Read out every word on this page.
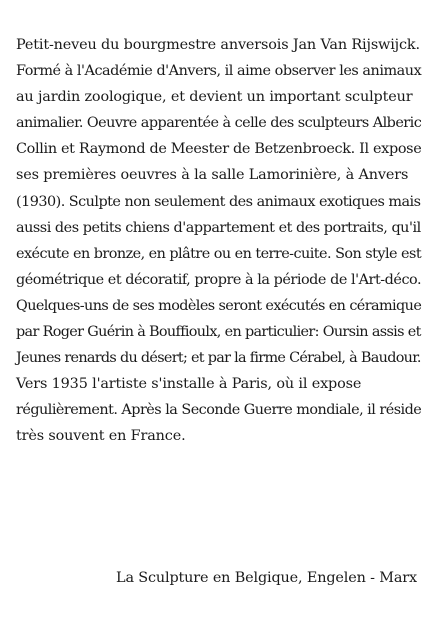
Petit-neveu du bourgmestre anversois Jan Van Rijswijck.
Formé à l'Académie d'Anvers, il aime observer les animaux
au jardin zoologique, et devient un important sculpteur
animalier. Oeuvre apparentée à celle des sculpteurs Alberic
Collin et Raymond de Meester de Betzenbroeck. Il expose
ses premières oeuvres à la salle Lamorinière, à Anvers
(1930). Sculpte non seulement des animaux exotiques mais
aussi des petits chiens d'appartement et des portraits, qu'il
exécute en bronze, en plâtre ou en terre-cuite. Son style est
géométrique et décoratif, propre à la période de l'Art-déco.
Quelques-uns de ses modèles seront exécutés en céramique
par Roger Guérin à Bouffioulx, en particulier: Oursin assis et
Jeunes renards du désert; et par la firme Cérabel, à Baudour.
Vers 1935 l'artiste s'installe à Paris, où il expose
régulièrement. Après la Seconde Guerre mondiale, il réside
très souvent en France.

La Sculpture en Belgique, Engelen - Marx
